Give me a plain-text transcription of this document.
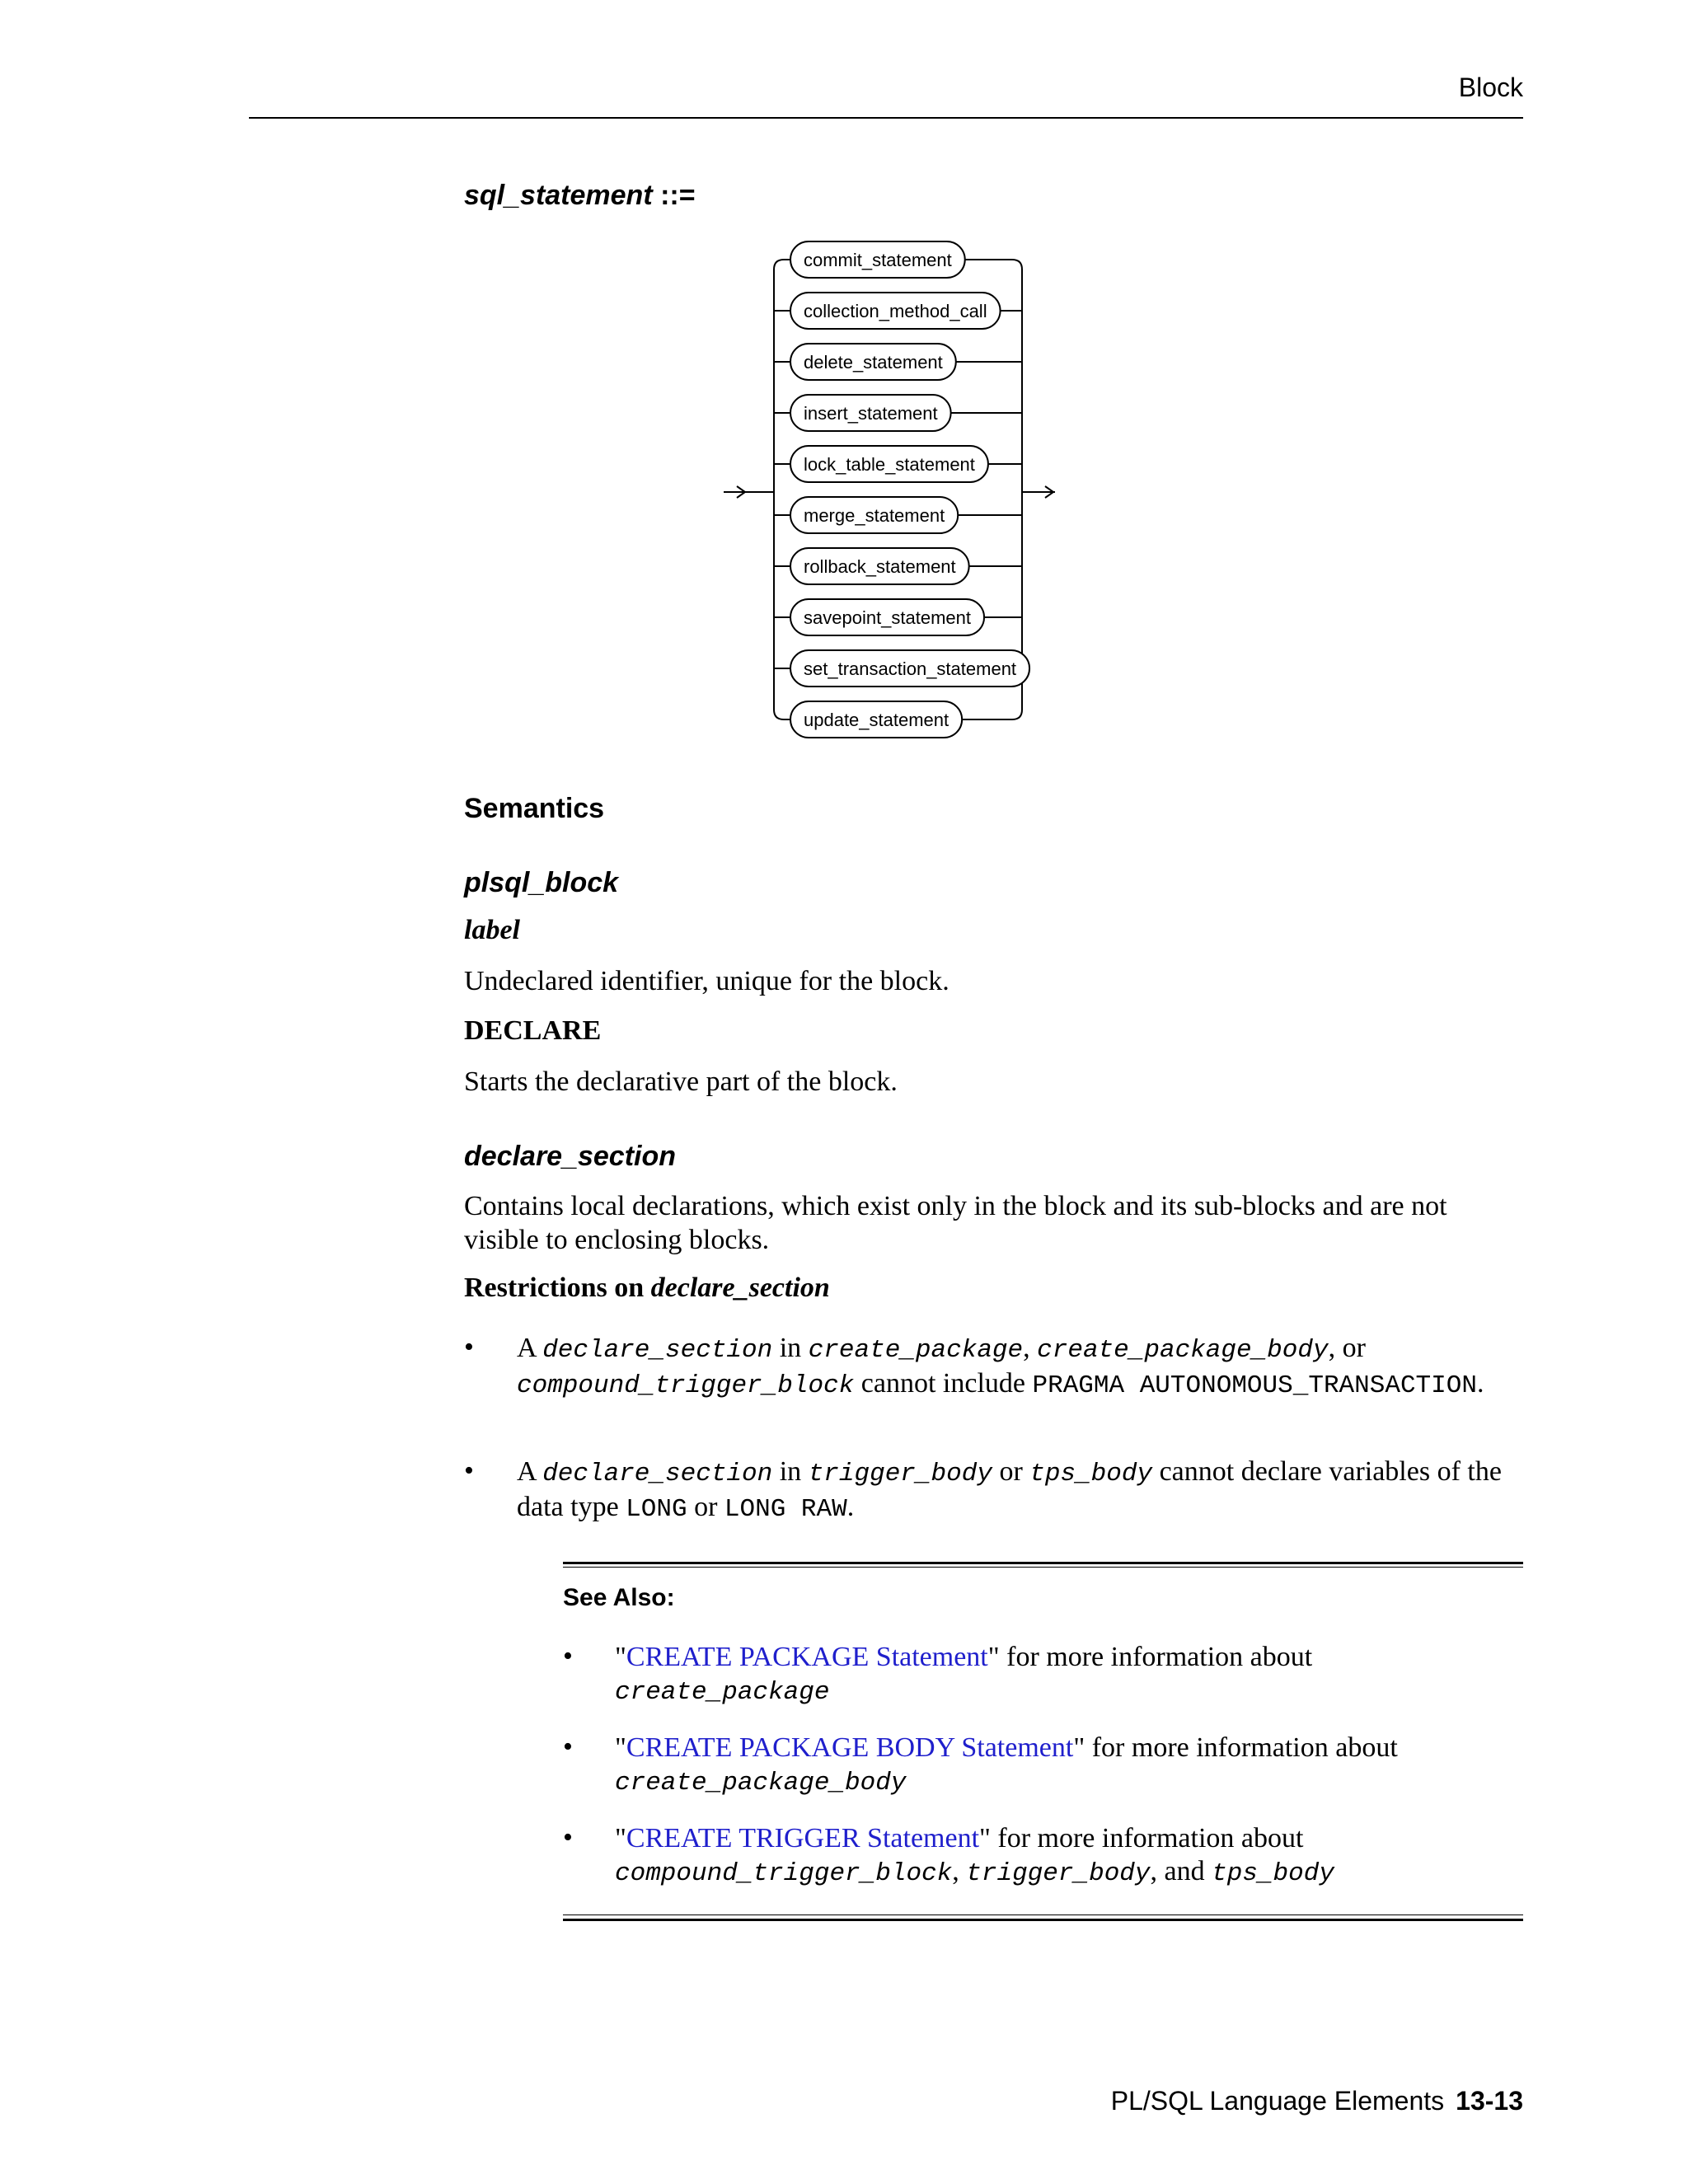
Block
sql_statement ::=
commit_statement
collection_method_call
delete_statement
insert_statement
lock_table_statement
merge_statement
rollback_statement
savepoint_statement
set_transaction_statement
update_statement
Semantics
plsql_block
label
Undeclared identifier, unique for the block.
DECLARE
Starts the declarative part of the block.
declare_section
Contains local declarations, which exist only in the block and its sub-blocks and are not visible to enclosing blocks.
Restrictions on declare_section
• A declare_section in create_package, create_package_body, or compound_trigger_block cannot include PRAGMA AUTONOMOUS_TRANSACTION.
• A declare_section in trigger_body or tps_body cannot declare variables of the data type LONG or LONG RAW.
See Also:
• "CREATE PACKAGE Statement" for more information about
create_package
• "CREATE PACKAGE BODY Statement" for more information about
create_package_body
• "CREATE TRIGGER Statement" for more information about
compound_trigger_block, trigger_body, and tps_body
PL/SQL Language Elements 13-13
